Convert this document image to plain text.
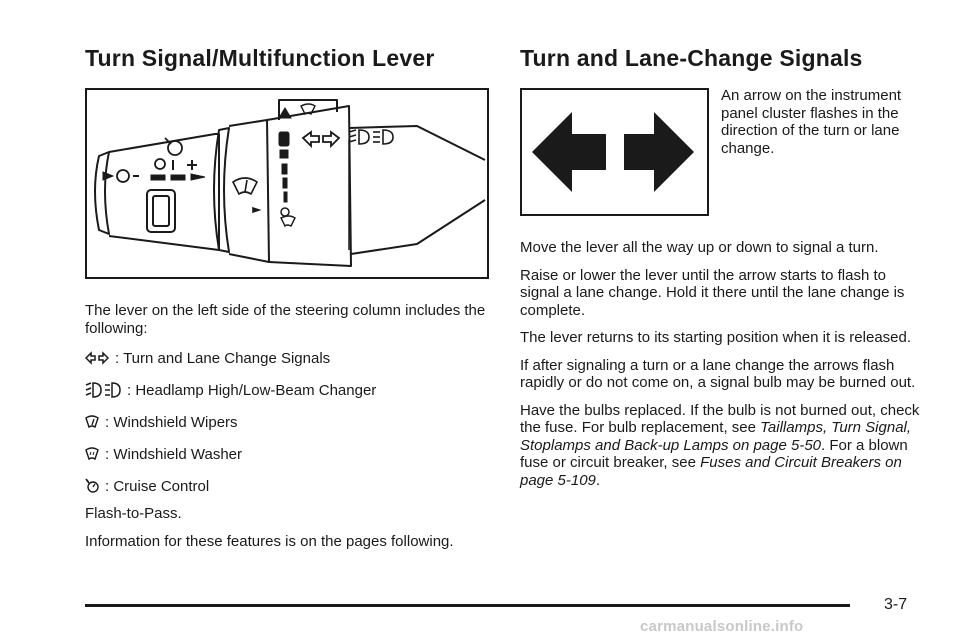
Turn Signal/Multifunction Lever

The lever on the left side of the steering column includes the following:

: Turn and Lane Change Signals
: Headlamp High/Low-Beam Changer
: Windshield Wipers
: Windshield Washer
: Cruise Control

Flash-to-Pass.

Information for these features is on the pages following.

Turn and Lane-Change Signals

An arrow on the instrument panel cluster flashes in the direction of the turn or lane change.

Move the lever all the way up or down to signal a turn.

Raise or lower the lever until the arrow starts to flash to signal a lane change. Hold it there until the lane change is complete.

The lever returns to its starting position when it is released.

If after signaling a turn or a lane change the arrows flash rapidly or do not come on, a signal bulb may be burned out.

Have the bulbs replaced. If the bulb is not burned out, check the fuse. For bulb replacement, see Taillamps, Turn Signal, Stoplamps and Back-up Lamps on page 5-50. For a blown fuse or circuit breaker, see Fuses and Circuit Breakers on page 5-109.

3-7
carmanualsonline.info
